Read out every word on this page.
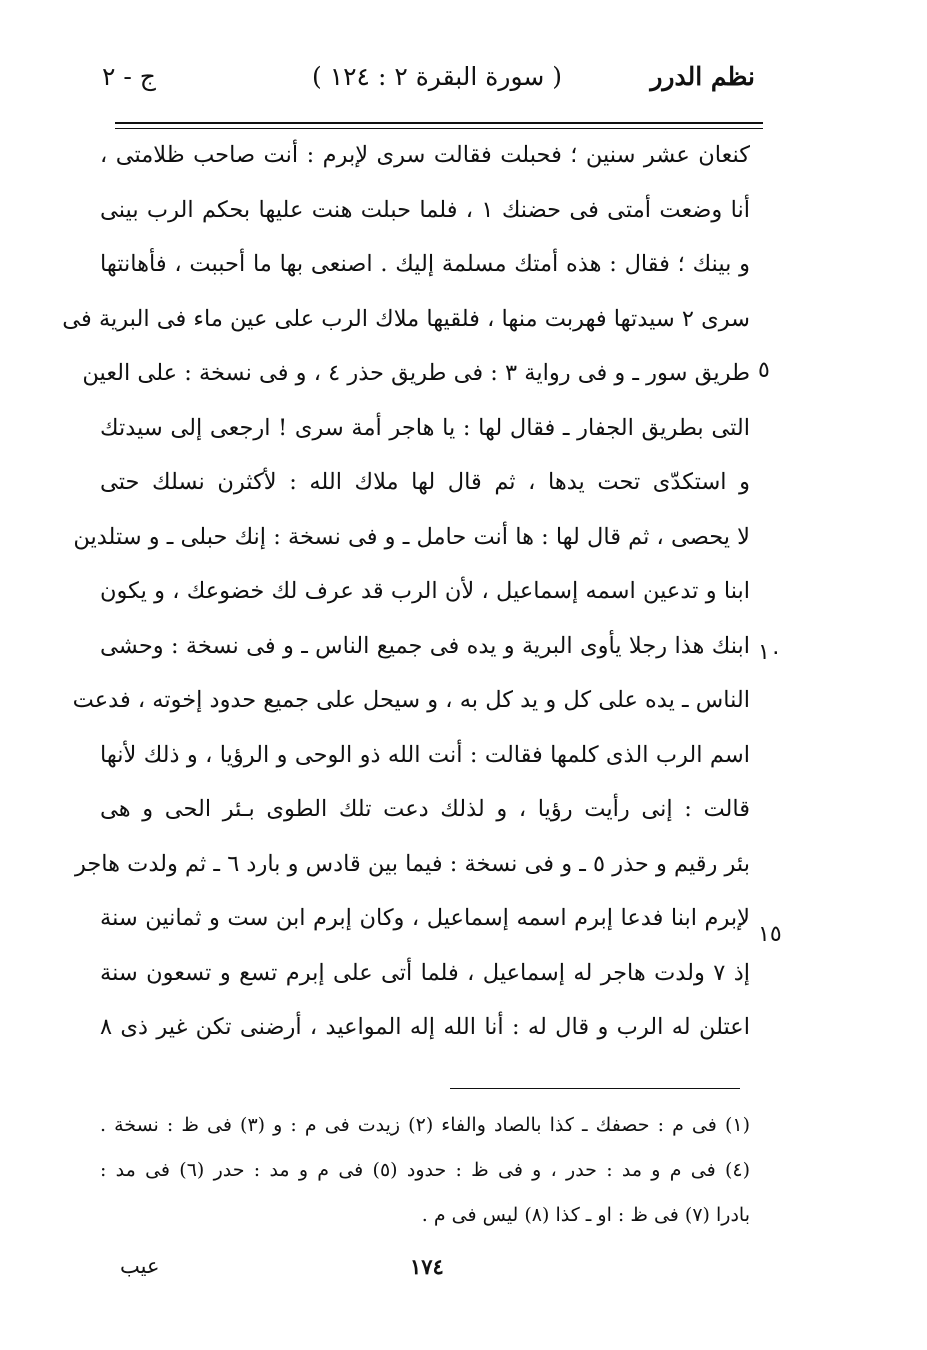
نظم الدرر
( سورة البقرة ٢ : ١٢٤ )
ج - ٢
٥
١٠
١٥
كنعان عشر سنين ؛ فحبلت فقالت سرى لإبرم : أنت صاحب ظلامتى ،
أنا وضعت أمتى فى حضنك ١ ، فلما حبلت هنت عليها بحكم الرب بينى
و بينك ؛ فقال : هذه أمتك مسلمة إليك . اصنعى بها ما أحببت ، فأهانتها
سرى ٢ سيدتها فهربت منها ، فلقيها ملاك الرب على عين ماء فى البرية فى
طريق سور ـ و فى رواية ٣ : فى طريق حذر ٤ ، و فى نسخة : على العين
التى بطريق الجفار ـ فقال لها : يا هاجر أمة سرى ! ارجعى إلى سيدتك
و استكدّى تحت يدها ، ثم قال لها ملاك الله : لأكثرن نسلك حتى
لا يحصى ، ثم قال لها : ها أنت حامل ـ و فى نسخة : إنك حبلى ـ و ستلدين
ابنا و تدعين اسمه إسماعيل ، لأن الرب قد عرف لك خضوعك ، و يكون
ابنك هذا رجلا يأوى البرية و يده فى جميع الناس ـ و فى نسخة : وحشى
الناس ـ يده على كل و يد كل به ، و سيحل على جميع حدود إخوته ، فدعت
اسم الرب الذى كلمها فقالت : أنت الله ذو الوحى و الرؤيا ، و ذلك لأنها
قالت : إنى رأيت رؤيا ، و لذلك دعت تلك الطوى بـئر الحى و هى
بئر رقيم و حذر ٥ ـ و فى نسخة : فيما بين قادس و بارد ٦ ـ ثم ولدت هاجر
لإبرم ابنا فدعا إبرم اسمه إسماعيل ، وكان إبرم ابن ست و ثمانين سنة
إذ ٧ ولدت هاجر له إسماعيل ، فلما أتى على إبرم تسع و تسعون سنة
اعتلن له الرب و قال له : أنا الله إله المواعيد ، أرضنى تكن غير ذى ٨
(١) فى م : حصفك ـ كذا بالصاد والفاء (٢) زيدت فى م : و (٣) فى ظ : نسخة .
(٤) فى م و مد : حدر ، و فى ظ : حدود (٥) فى م و مد : حدر (٦) فى مد :
بادرا (٧) فى ظ : او ـ كذا (٨) ليس فى م .
١٧٤
عيب
